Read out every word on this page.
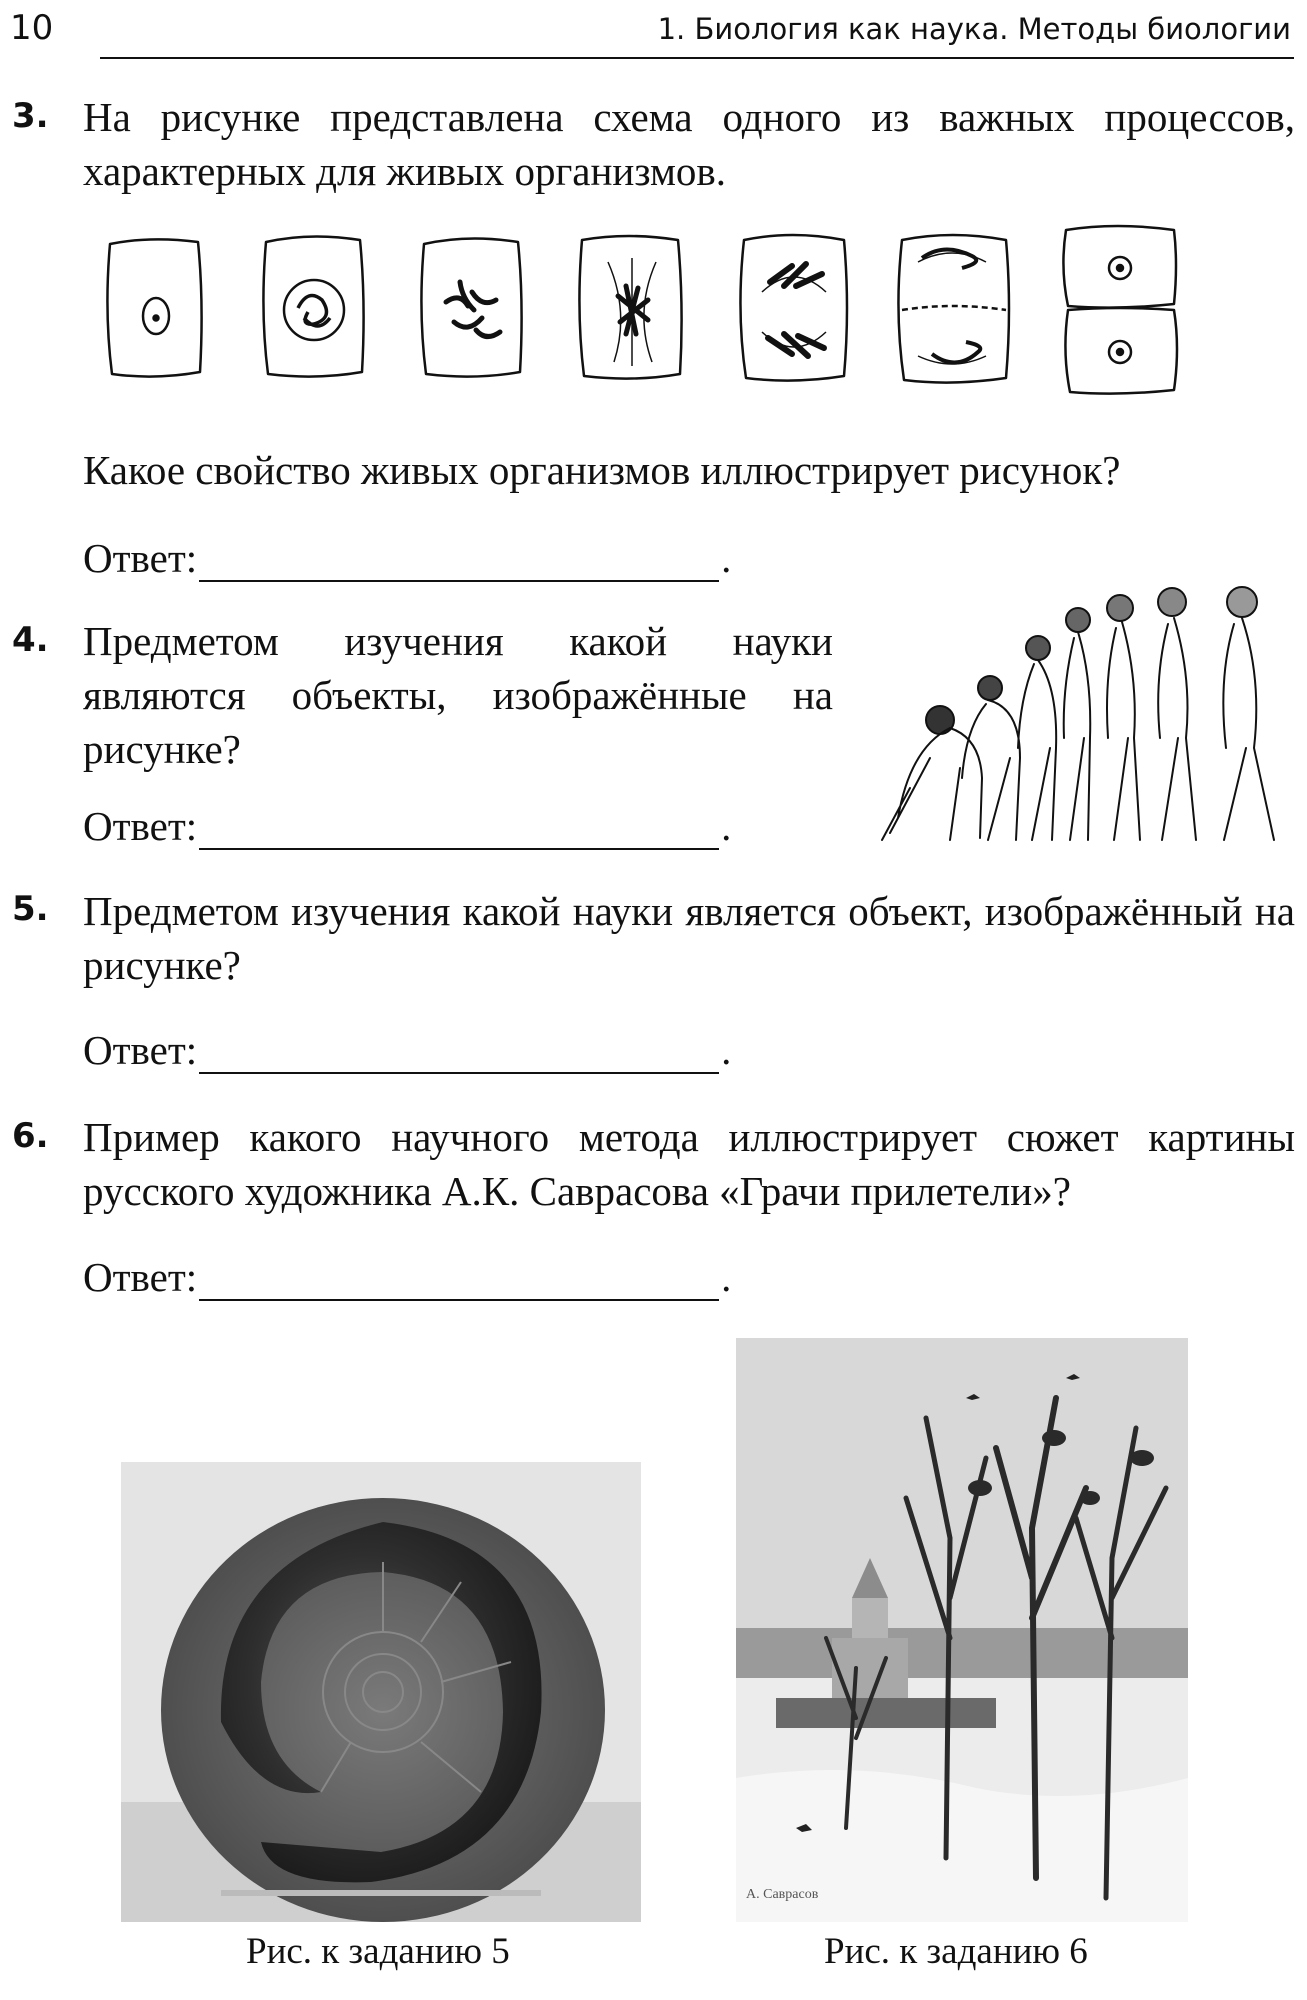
10	1. Биология как наука. Методы биологии
3. На рисунке представлена схема одного из важных процессов, характерных для живых организмов.
Какое свойство живых организмов иллюстрирует рисунок?
Ответ:	.
4. Предметом изучения какой науки являются объекты, изображённые на рисунке?
Ответ:	.
5. Предметом изучения какой науки является объект, изображённый на рисунке?
Ответ:	.
6. Пример какого научного метода иллюстрирует сюжет картины русского художника А.К. Саврасова «Грачи прилетели»?
Ответ:	.
Рис. к заданию 5
А. Саврасов
Рис. к заданию 6
